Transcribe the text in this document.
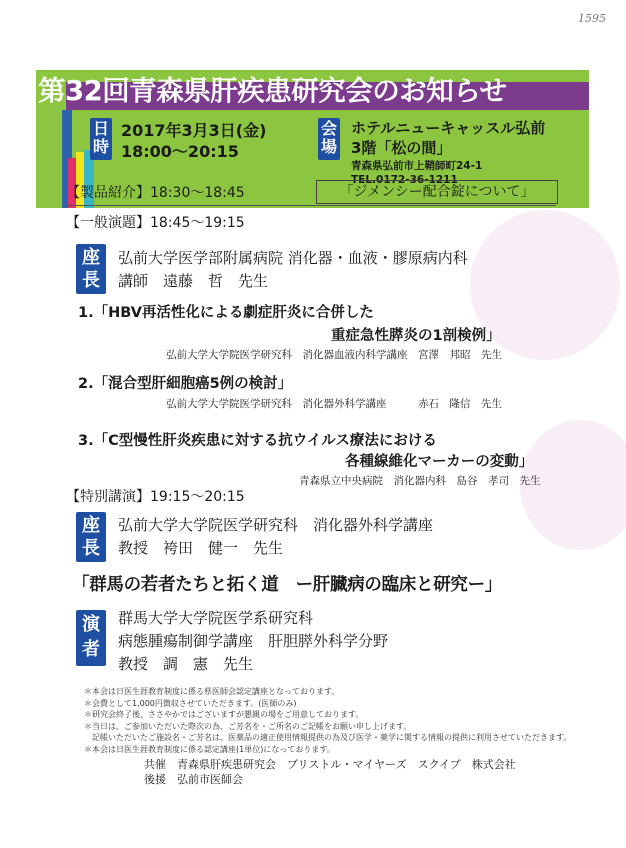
1595
第32回青森県肝疾患研究会のお知らせ
日
時
2017年3月3日(金)
18:00〜20:15
会
場
ホテルニューキャッスル弘前
3階「松の間」
青森県弘前市上鞘師町24-1
TEL.0172-36-1211
【製品紹介】18:30〜18:45	「ジメンシー配合錠について」
【一般演題】18:45〜19:15
座
長
弘前大学医学部附属病院 消化器・血液・膠原病内科
講師　遠藤　哲　先生
1.「HBV再活性化による劇症肝炎に合併した
重症急性膵炎の1剖検例」
弘前大学大学院医学研究科　消化器血液内科学講座　宮澤　邦昭　先生
2.「混合型肝細胞癌5例の検討」
弘前大学大学院医学研究科　消化器外科学講座　　　赤石　隆信　先生
3.「C型慢性肝炎疾患に対する抗ウイルス療法における
各種線維化マーカーの変動」
青森県立中央病院　消化器内科　島谷　孝司　先生
【特別講演】19:15〜20:15
座
長
弘前大学大学院医学研究科　消化器外科学講座
教授　袴田　健一　先生
「群馬の若者たちと拓く道　ー肝臓病の臨床と研究ー」
演
者
群馬大学大学院医学系研究科
病態腫瘍制御学講座　肝胆膵外科学分野
教授　調　憲　先生
＊本会は日医生涯教育制度に係る県医師会認定講座となっております。
＊会費として1,000円徴収させていただきます。(医師のみ)
＊研究会終了後、ささやかではございますが懇親の場をご用意しております。
＊当日は、ご参加いただいた際次の為、ご芳名を・ご所名のご記帳をお願い申し上げます。
　記帳いただいたご施設名・ご芳名は、医薬品の適正使用情報提供の為及び医学・薬学に関する情報の提供に利用させていただきます。
＊本会は日医生涯教育制度に係る認定講座(1単位)になっております。
共催　青森県肝疾患研究会　ブリストル・マイヤーズ　スクイブ　株式会社
後援　弘前市医師会
